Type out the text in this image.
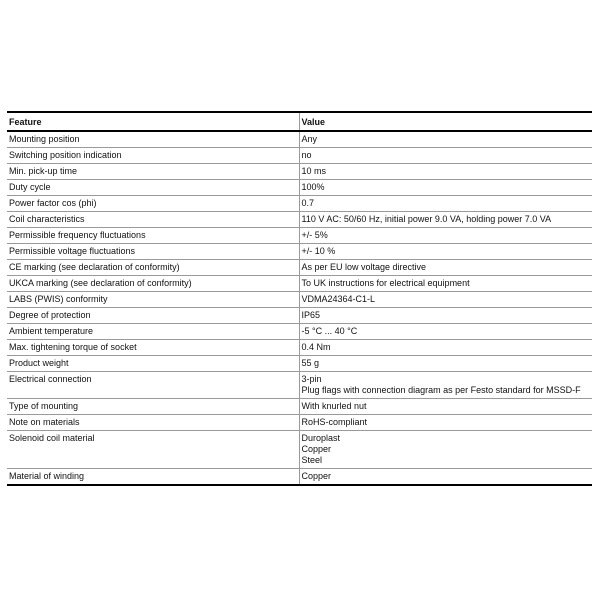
Feature	Value
Mounting position	Any

Switching position indication	no

Min. pick-up time	10 ms

Duty cycle	100%

Power factor cos (phi)	0.7

Coil characteristics	110 V AC: 50/60 Hz, initial power 9.0 VA, holding power 7.0 VA

Permissible frequency fluctuations	+/- 5%

Permissible voltage fluctuations	+/- 10 %

CE marking (see declaration of conformity)	As per EU low voltage directive

UKCA marking (see declaration of conformity)	To UK instructions for electrical equipment

LABS (PWIS) conformity	VDMA24364-C1-L

Degree of protection	IP65

Ambient temperature	-5 °C ... 40 °C

Max. tightening torque of socket	0.4 Nm

Product weight	55 g

Electrical connection	3-pin
Plug flags with connection diagram as per Festo standard for MSSD-F

Type of mounting	With knurled nut

Note on materials	RoHS-compliant

Solenoid coil material	Duroplast
Copper
Steel

Material of winding	Copper
